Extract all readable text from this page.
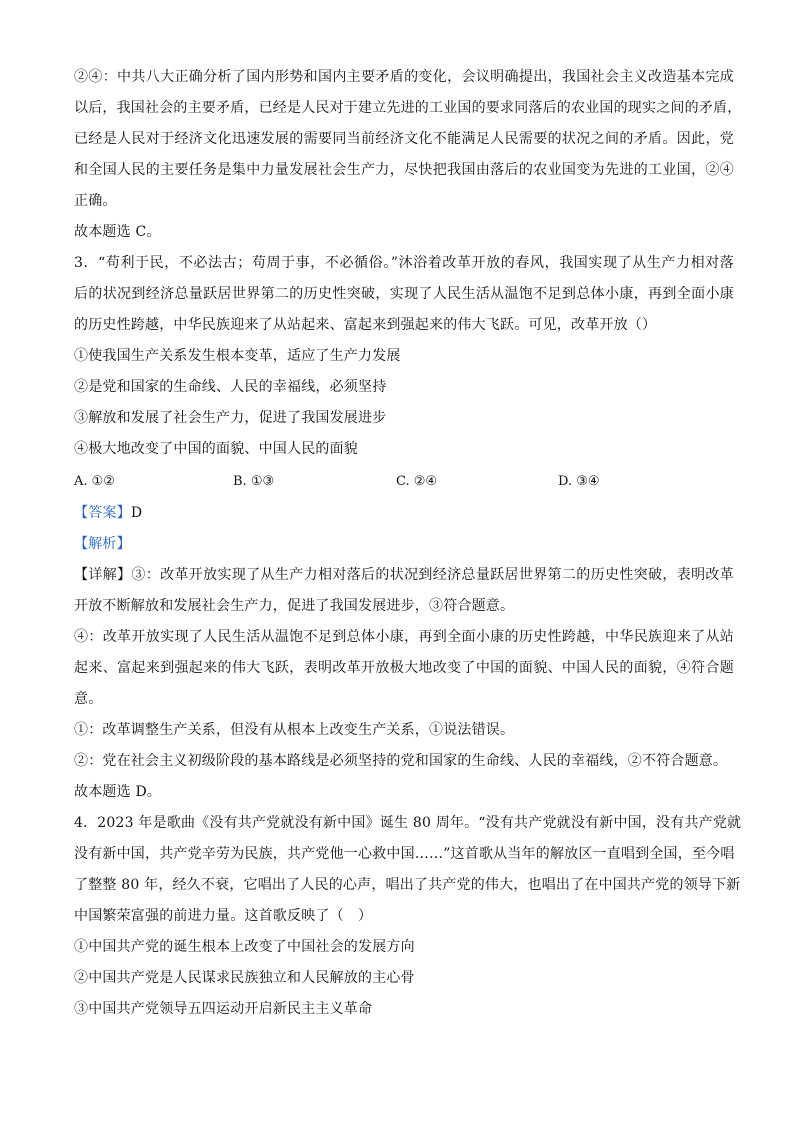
②④：中共八大正确分析了国内形势和国内主要矛盾的变化，会议明确提出，我国社会主义改造基本完成
以后，我国社会的主要矛盾，已经是人民对于建立先进的工业国的要求同落后的农业国的现实之间的矛盾，
已经是人民对于经济文化迅速发展的需要同当前经济文化不能满足人民需要的状况之间的矛盾。因此，党
和全国人民的主要任务是集中力量发展社会生产力，尽快把我国由落后的农业国变为先进的工业国，②④
正确。
故本题选 C。
3．“苟利于民，不必法古；苟周于事，不必循俗。”沐浴着改革开放的春风，我国实现了从生产力相对落
后的状况到经济总量跃居世界第二的历史性突破，实现了人民生活从温饱不足到总体小康，再到全面小康
的历史性跨越，中华民族迎来了从站起来、富起来到强起来的伟大飞跃。可见，改革开放（）
①使我国生产关系发生根本变革，适应了生产力发展
②是党和国家的生命线、人民的幸福线，必须坚持
③解放和发展了社会生产力，促进了我国发展进步
④极大地改变了中国的面貌、中国人民的面貌
A. ①②	B. ①③	C. ②④	D. ③④
【答案】D
【解析】
【详解】③：改革开放实现了从生产力相对落后的状况到经济总量跃居世界第二的历史性突破，表明改革
开放不断解放和发展社会生产力，促进了我国发展进步，③符合题意。
④：改革开放实现了人民生活从温饱不足到总体小康，再到全面小康的历史性跨越，中华民族迎来了从站
起来、富起来到强起来的伟大飞跃，表明改革开放极大地改变了中国的面貌、中国人民的面貌，④符合题
意。
①：改革调整生产关系，但没有从根本上改变生产关系，①说法错误。
②：党在社会主义初级阶段的基本路线是必须坚持的党和国家的生命线、人民的幸福线，②不符合题意。
故本题选 D。
4．2023 年是歌曲《没有共产党就没有新中国》诞生 80 周年。“没有共产党就没有新中国，没有共产党就
没有新中国，共产党辛劳为民族，共产党他一心救中国……”这首歌从当年的解放区一直唱到全国，至今唱
了整整 80 年，经久不衰，它唱出了人民的心声，唱出了共产党的伟大，也唱出了在中国共产党的领导下新
中国繁荣富强的前进力量。这首歌反映了（　）
①中国共产党的诞生根本上改变了中国社会的发展方向
②中国共产党是人民谋求民族独立和人民解放的主心骨
③中国共产党领导五四运动开启新民主主义革命
